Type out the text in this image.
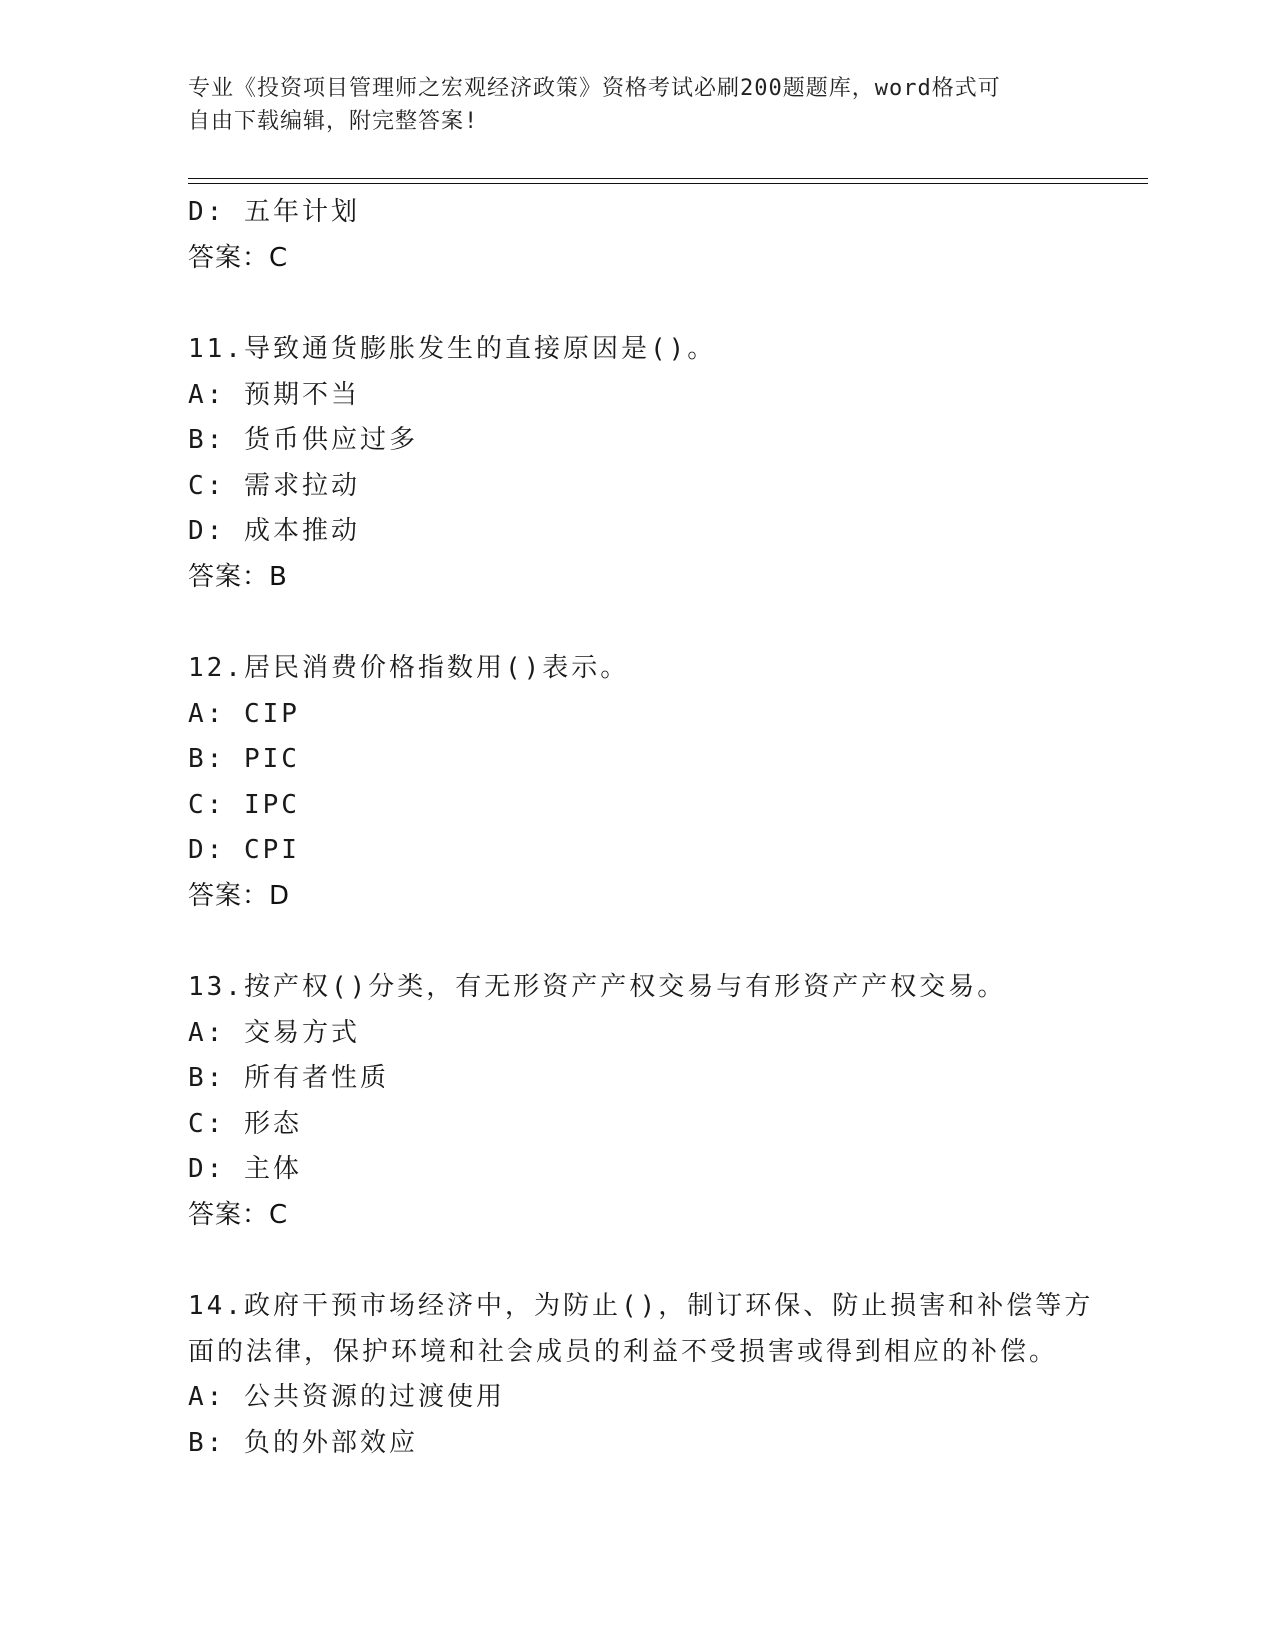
专业《投资项目管理师之宏观经济政策》资格考试必刷200题题库，word格式可
自由下载编辑，附完整答案!
D: 五年计划
答案：C
11.导致通货膨胀发生的直接原因是()。
A: 预期不当
B: 货币供应过多
C: 需求拉动
D: 成本推动
答案：B
12.居民消费价格指数用()表示。
A: CIP
B: PIC
C: IPC
D: CPI
答案：D
13.按产权()分类，有无形资产产权交易与有形资产产权交易。
A: 交易方式
B: 所有者性质
C: 形态
D: 主体
答案：C
14.政府干预市场经济中，为防止()，制订环保、防止损害和补偿等方
面的法律，保护环境和社会成员的利益不受损害或得到相应的补偿。
A: 公共资源的过渡使用
B: 负的外部效应
